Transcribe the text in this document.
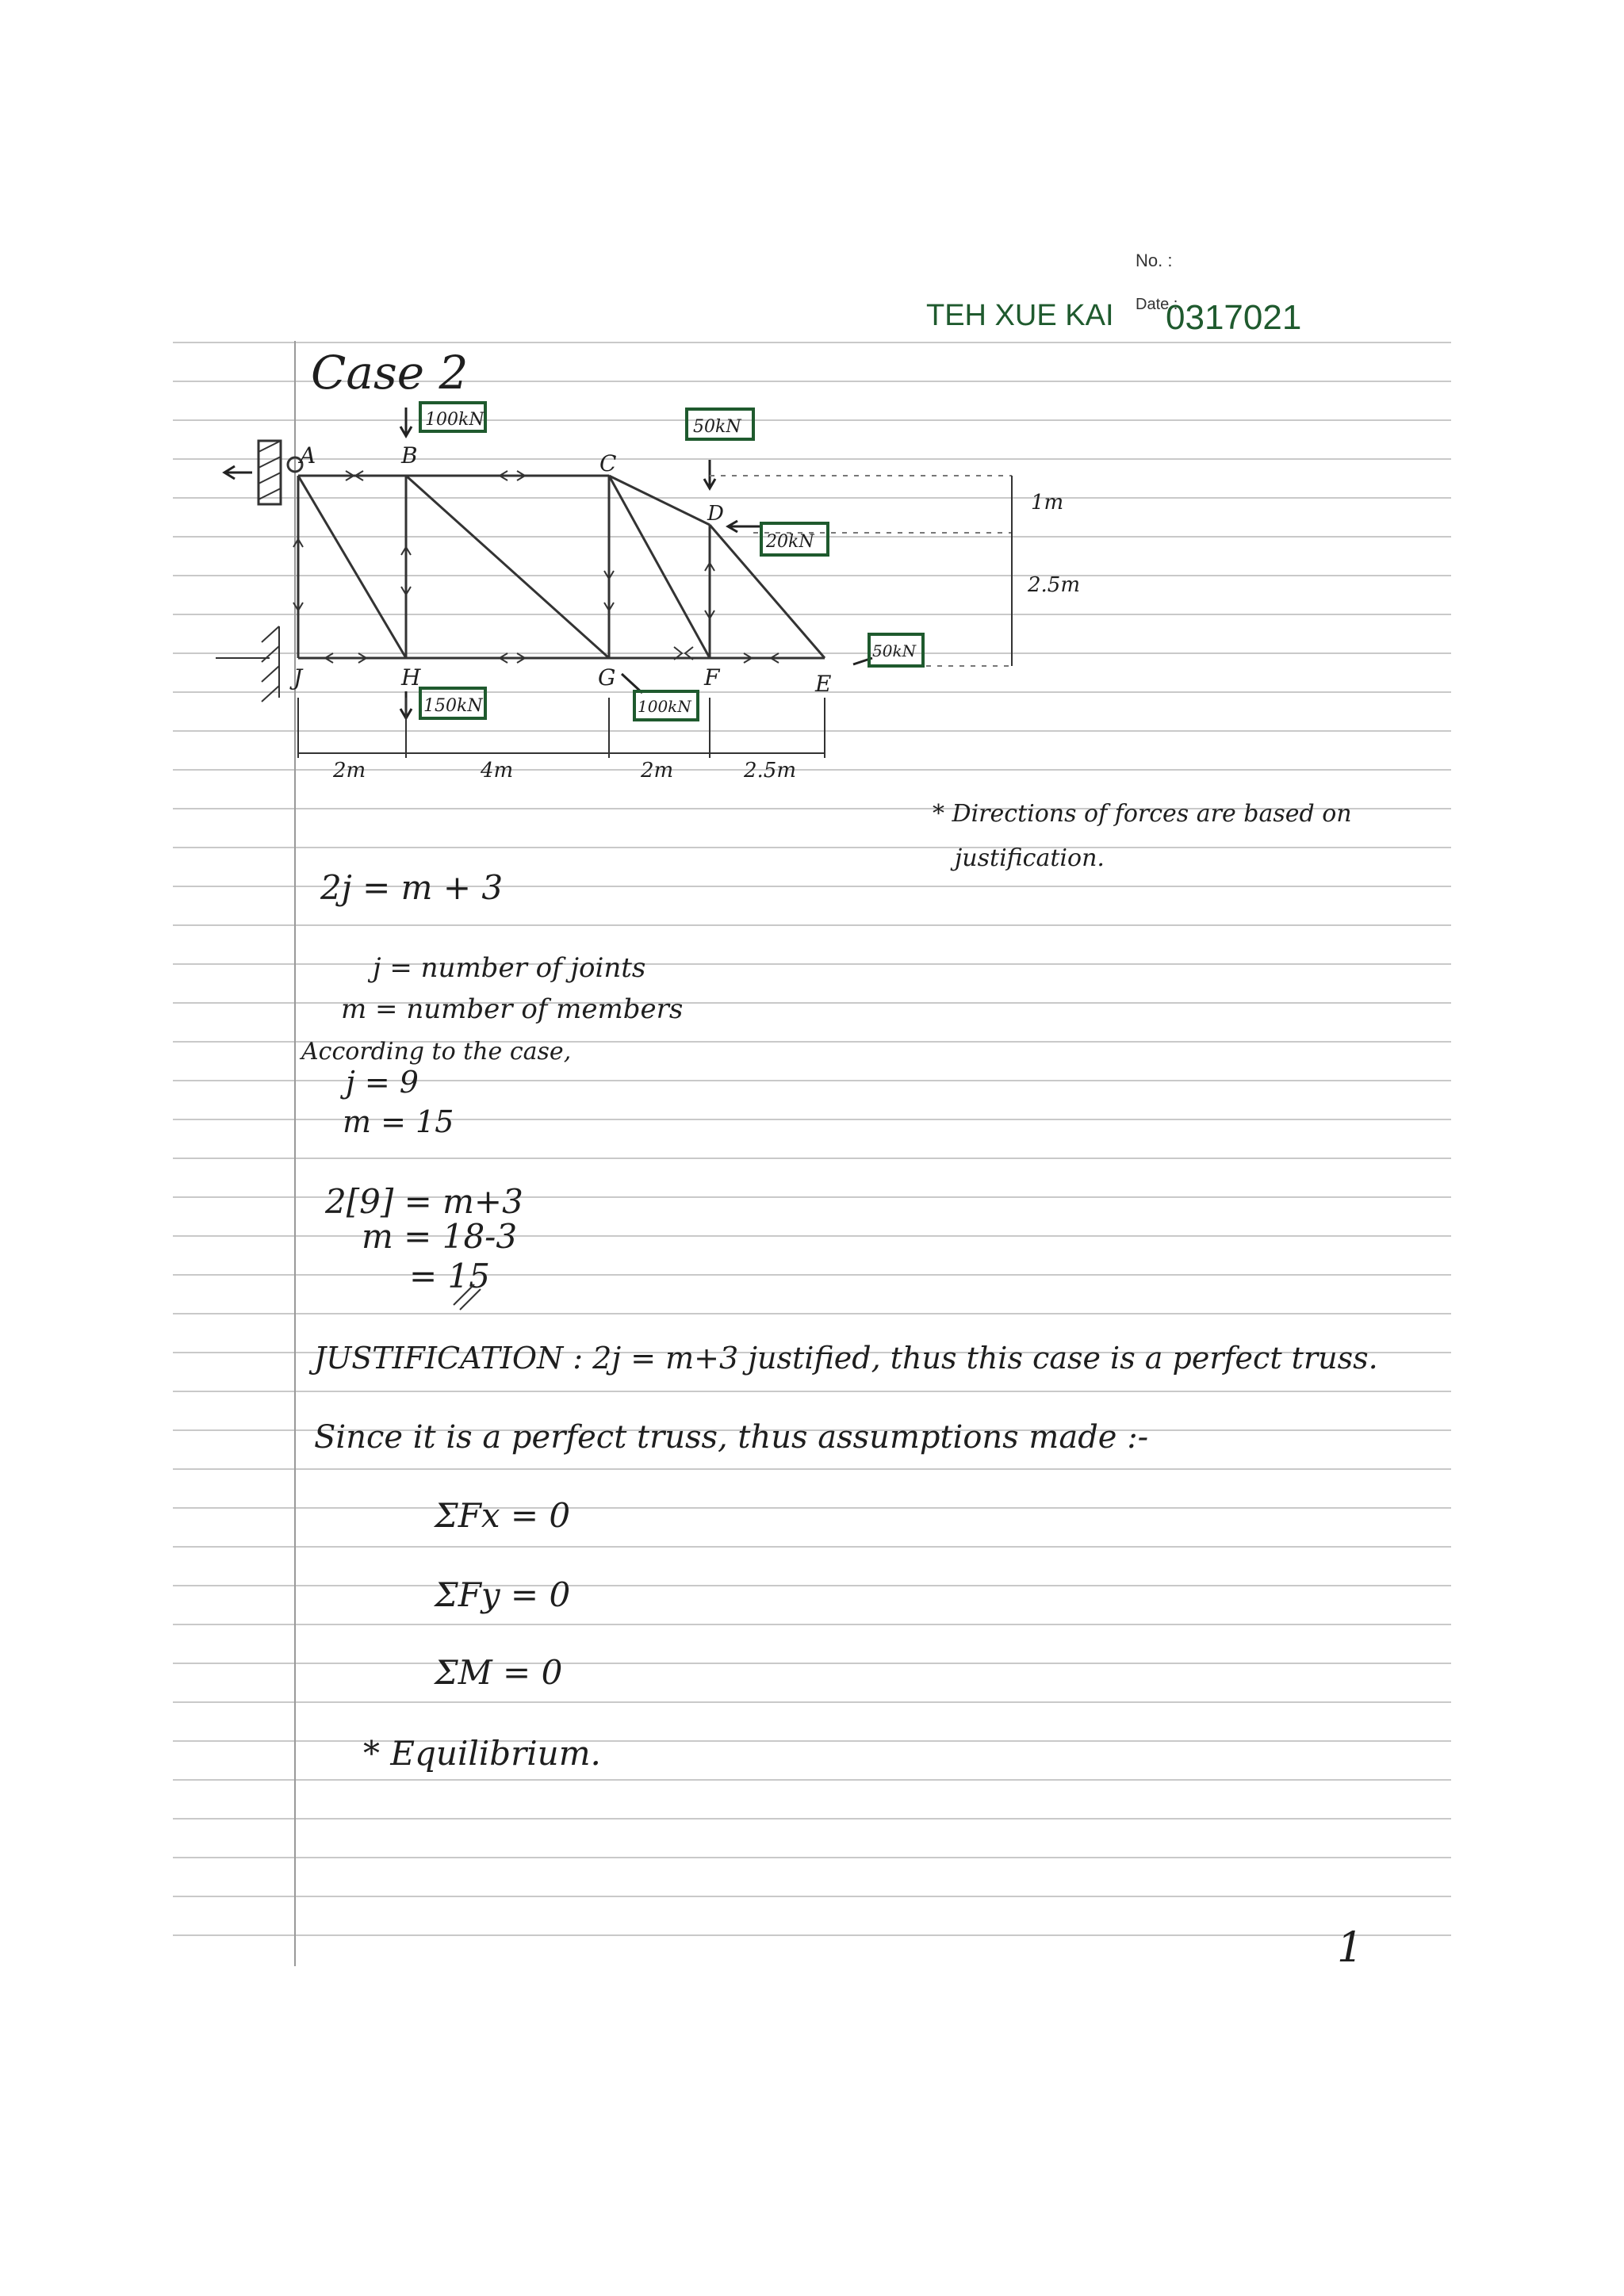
No. :
Date :
TEH XUE KAI 0317021
Case 2
A	B	C
D
E
F
G
H
J
100kN	50kN
20kN
50kN
150kN	100kN
2m	4m	2m	2.5m
1m
2.5m
* Directions of forces are based on
justification.
2j = m + 3
j = number of joints
m = number of members
According to the case,
j = 9
m = 15
2[9] = m+3
m = 18-3
= 15
JUSTIFICATION : 2j = m+3 justified, thus this case is a perfect truss.
Since it is a perfect truss, thus assumptions made :-
ΣFx = 0
ΣFy = 0
ΣM = 0
* Equilibrium.
1
